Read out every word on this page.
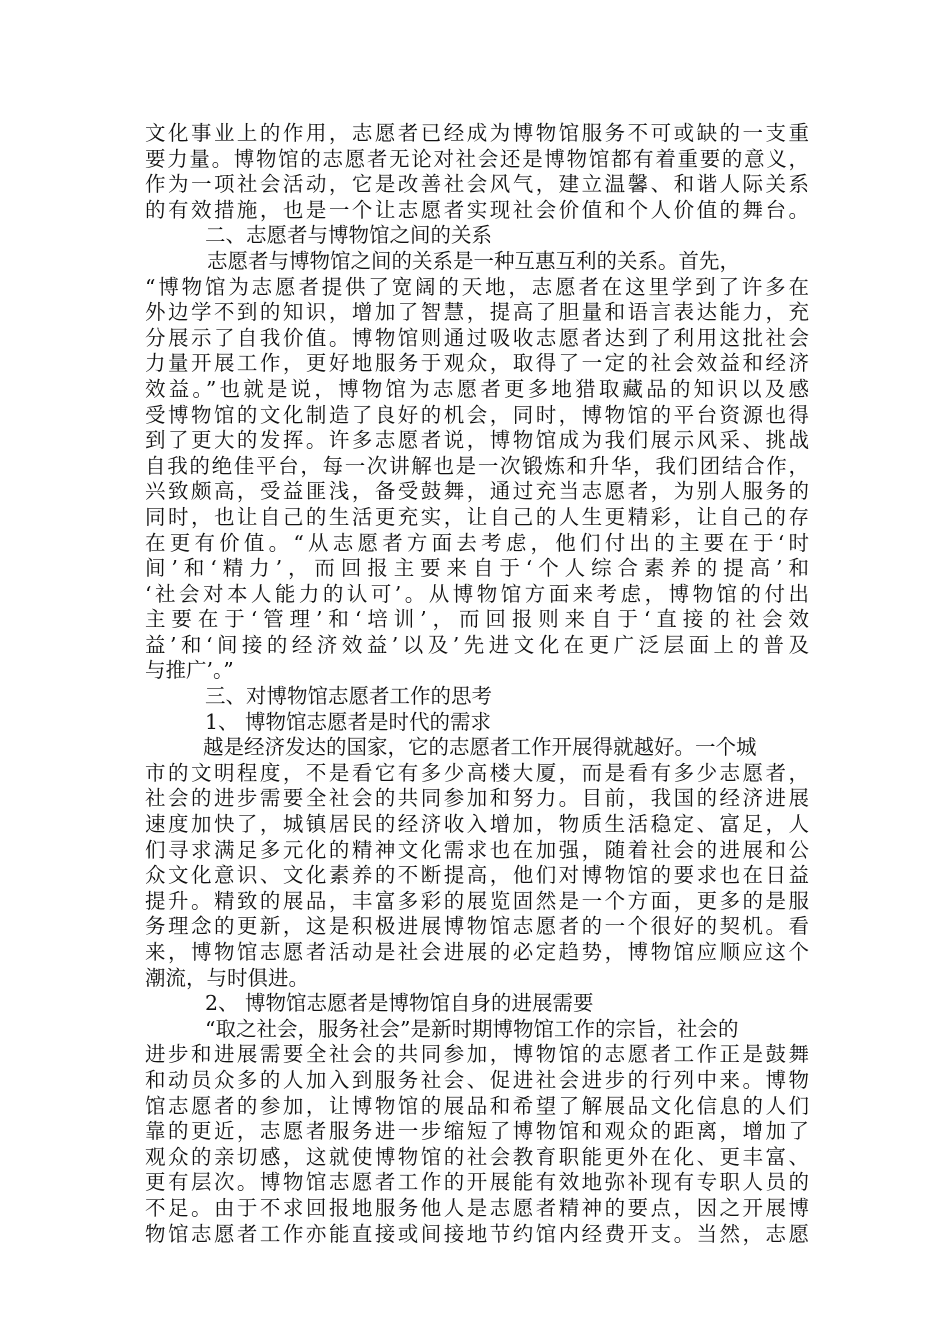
文化事业上的作用，志愿者已经成为博物馆服务不可或缺的一支重
要力量。博物馆的志愿者无论对社会还是博物馆都有着重要的意义，
作为一项社会活动，它是改善社会风气，建立温馨、和谐人际关系
的有效措施，也是一个让志愿者实现社会价值和个人价值的舞台。
二、志愿者与博物馆之间的关系
志愿者与博物馆之间的关系是一种互惠互利的关系。首先，
“博物馆为志愿者提供了宽阔的天地，志愿者在这里学到了许多在
外边学不到的知识，增加了智慧，提高了胆量和语言表达能力，充
分展示了自我价值。博物馆则通过吸收志愿者达到了利用这批社会
力量开展工作，更好地服务于观众，取得了一定的社会效益和经济
效益。”也就是说，博物馆为志愿者更多地猎取藏品的知识以及感
受博物馆的文化制造了良好的机会，同时，博物馆的平台资源也得
到了更大的发挥。许多志愿者说，博物馆成为我们展示风采、挑战
自我的绝佳平台，每一次讲解也是一次锻炼和升华，我们团结合作，
兴致颇高，受益匪浅，备受鼓舞，通过充当志愿者，为别人服务的
同时，也让自己的生活更充实，让自己的人生更精彩，让自己的存
在更有价值。“从志愿者方面去考虑，他们付出的主要在于‘时
间’和‘精力’，而回报主要来自于‘个人综合素养的提高’和
‘社会对本人能力的认可’。从博物馆方面来考虑，博物馆的付出
主要在于‘管理’和‘培训’，而回报则来自于‘直接的社会效
益’和‘间接的经济效益’以及’先进文化在更广泛层面上的普及
与推广’。”
三、对博物馆志愿者工作的思考
1、 博物馆志愿者是时代的需求
越是经济发达的国家，它的志愿者工作开展得就越好。一个城
市的文明程度，不是看它有多少高楼大厦，而是看有多少志愿者，
社会的进步需要全社会的共同参加和努力。目前，我国的经济进展
速度加快了，城镇居民的经济收入增加，物质生活稳定、富足，人
们寻求满足多元化的精神文化需求也在加强，随着社会的进展和公
众文化意识、文化素养的不断提高，他们对博物馆的要求也在日益
提升。精致的展品，丰富多彩的展览固然是一个方面，更多的是服
务理念的更新，这是积极进展博物馆志愿者的一个很好的契机。看
来，博物馆志愿者活动是社会进展的必定趋势，博物馆应顺应这个
潮流，与时俱进。
2、 博物馆志愿者是博物馆自身的进展需要
“取之社会，服务社会”是新时期博物馆工作的宗旨，社会的
进步和进展需要全社会的共同参加，博物馆的志愿者工作正是鼓舞
和动员众多的人加入到服务社会、促进社会进步的行列中来。博物
馆志愿者的参加，让博物馆的展品和希望了解展品文化信息的人们
靠的更近，志愿者服务进一步缩短了博物馆和观众的距离，增加了
观众的亲切感，这就使博物馆的社会教育职能更外在化、更丰富、
更有层次。博物馆志愿者工作的开展能有效地弥补现有专职人员的
不足。由于不求回报地服务他人是志愿者精神的要点，因之开展博
物馆志愿者工作亦能直接或间接地节约馆内经费开支。当然，志愿
